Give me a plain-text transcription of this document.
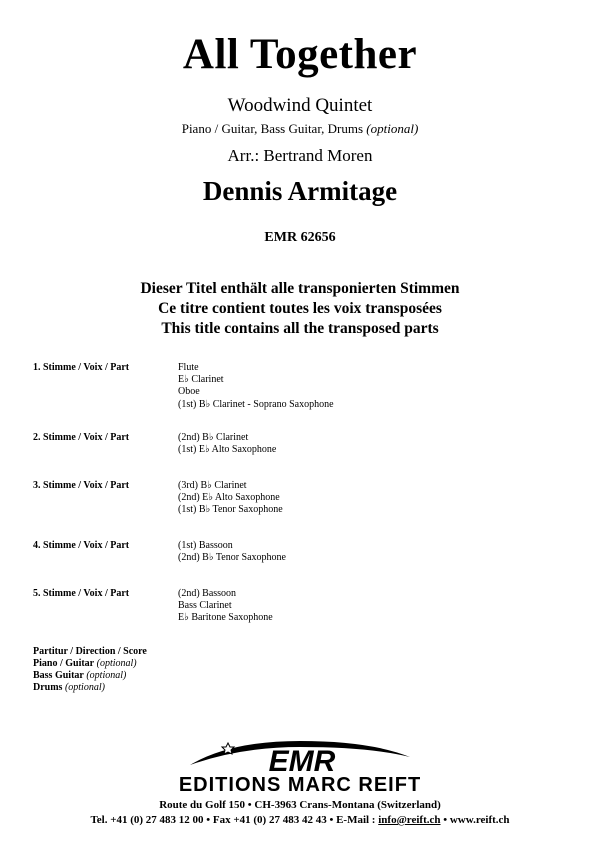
All Together
Woodwind Quintet
Piano / Guitar, Bass Guitar, Drums (optional)
Arr.: Bertrand Moren
Dennis Armitage
EMR 62656
Dieser Titel enthält alle transponierten Stimmen
Ce titre contient toutes les voix transposées
This title contains all the transposed parts
1. Stimme / Voix / Part	Flute
E♭ Clarinet
Oboe
(1st) B♭ Clarinet - Soprano Saxophone
2. Stimme / Voix / Part	(2nd) B♭ Clarinet
(1st) E♭ Alto Saxophone
3. Stimme / Voix / Part	(3rd) B♭ Clarinet
(2nd) E♭ Alto Saxophone
(1st) B♭ Tenor Saxophone
4. Stimme / Voix / Part	(1st) Bassoon
(2nd) B♭ Tenor Saxophone
5. Stimme / Voix / Part	(2nd) Bassoon
Bass Clarinet
E♭ Baritone Saxophone
Partitur / Direction / Score
Piano / Guitar (optional)
Bass Guitar (optional)
Drums (optional)
EMR
EDITIONS MARC REIFT
Route du Golf 150 • CH-3963 Crans-Montana (Switzerland)
Tel. +41 (0) 27 483 12 00 • Fax +41 (0) 27 483 42 43 • E-Mail : info@reift.ch • www.reift.ch
